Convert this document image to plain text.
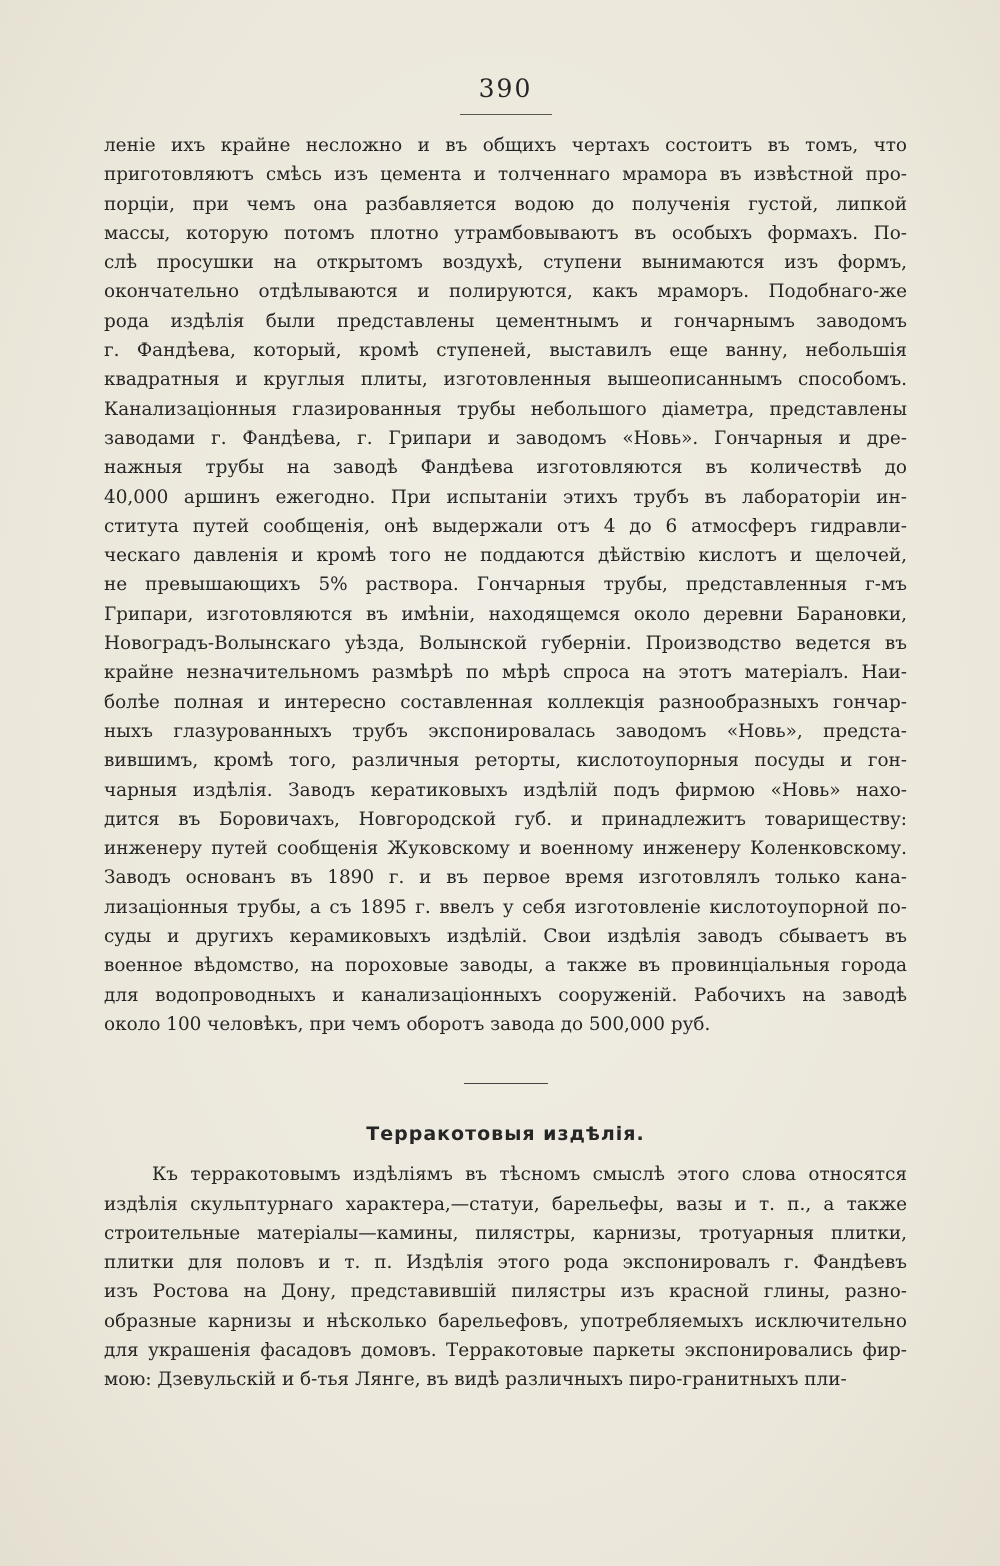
390

леніе ихъ крайне несложно и въ общихъ чертахъ состоитъ въ томъ, что
приготовляютъ смѣсь изъ цемента и толченнаго мрамора въ извѣстной про-
порціи, при чемъ она разбавляется водою до полученія густой, липкой
массы, которую потомъ плотно утрамбовываютъ въ особыхъ формахъ. По-
слѣ просушки на открытомъ воздухѣ, ступени вынимаются изъ формъ,
окончательно отдѣлываются и полируются, какъ мраморъ. Подобнаго-же
рода издѣлія были представлены цементнымъ и гончарнымъ заводомъ
г. Фандѣева, который, кромѣ ступеней, выставилъ еще ванну, небольшія
квадратныя и круглыя плиты, изготовленныя вышеописаннымъ способомъ.
Канализаціонныя глазированныя трубы небольшого діаметра, представлены
заводами г. Фандѣева, г. Грипари и заводомъ «Новь». Гончарныя и дре-
нажныя трубы на заводѣ Фандѣева изготовляются въ количествѣ до
40,000 аршинъ ежегодно. При испытаніи этихъ трубъ въ лабораторіи ин-
ститута путей сообщенія, онѣ выдержали отъ 4 до 6 атмосферъ гидравли-
ческаго давленія и кромѣ того не поддаются дѣйствію кислотъ и щелочей,
не превышающихъ 5% раствора. Гончарныя трубы, представленныя г-мъ
Грипари, изготовляются въ имѣніи, находящемся около деревни Барановки,
Новоградъ-Волынскаго уѣзда, Волынской губерніи. Производство ведется въ
крайне незначительномъ размѣрѣ по мѣрѣ спроса на этотъ матеріалъ. Наи-
болѣе полная и интересно составленная коллекція разнообразныхъ гончар-
ныхъ глазурованныхъ трубъ экспонировалась заводомъ «Новь», предста-
вившимъ, кромѣ того, различныя реторты, кислотоупорныя посуды и гон-
чарныя издѣлія. Заводъ кератиковыхъ издѣлій подъ фирмою «Новь» нахо-
дится въ Боровичахъ, Новгородской губ. и принадлежитъ товариществу:
инженеру путей сообщенія Жуковскому и военному инженеру Коленковскому.
Заводъ основанъ въ 1890 г. и въ первое время изготовлялъ только кана-
лизаціонныя трубы, а съ 1895 г. ввелъ у себя изготовленіе кислотоупорной по-
суды и другихъ керамиковыхъ издѣлій. Свои издѣлія заводъ сбываетъ въ
военное вѣдомство, на пороховые заводы, а также въ провинціальныя города
для водопроводныхъ и канализаціонныхъ сооруженій. Рабочихъ на заводѣ
около 100 человѣкъ, при чемъ оборотъ завода до 500,000 руб.
Терракотовыя издѣлія.
Къ терракотовымъ издѣліямъ въ тѣсномъ смыслѣ этого слова относятся
издѣлія скульптурнаго характера,—статуи, барельефы, вазы и т. п., а также
строительные матеріалы—камины, пилястры, карнизы, тротуарныя плитки,
плитки для половъ и т. п. Издѣлія этого рода экспонировалъ г. Фандѣевъ
изъ Ростова на Дону, представившій пилястры изъ красной глины, разно-
образные карнизы и нѣсколько барельефовъ, употребляемыхъ исключительно
для украшенія фасадовъ домовъ. Терракотовые паркеты экспонировались фир-
мою: Дзевульскій и б-тья Лянге, въ видѣ различныхъ пиро-гранитныхъ пли-
